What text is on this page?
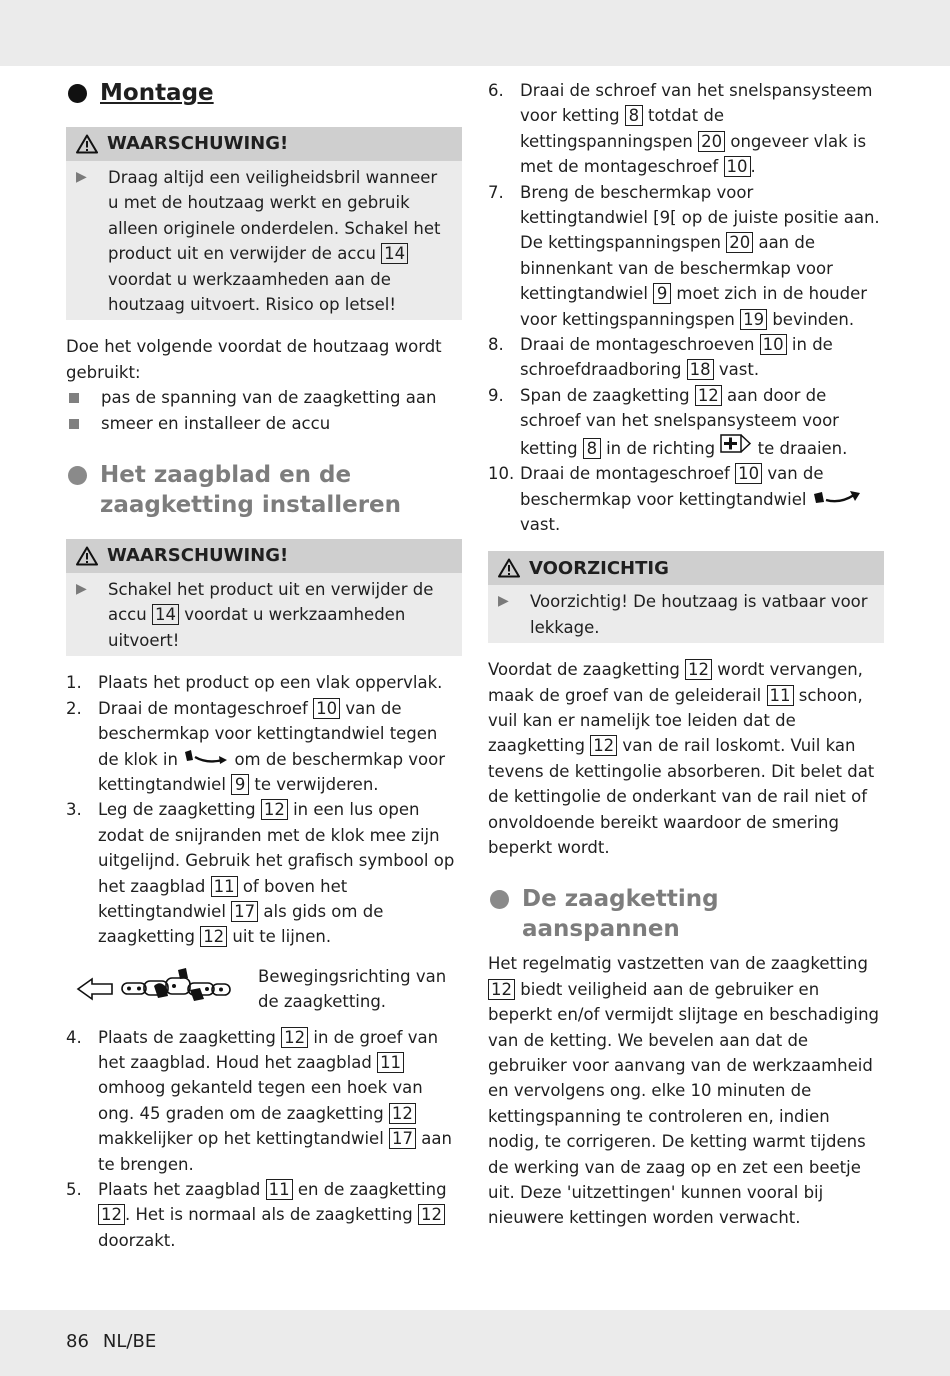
Montage
WAARSCHUWING!
▶	Draag altijd een veiligheidsbril wanneer u met de houtzaag werkt en gebruik alleen originele onderdelen. Schakel het product uit en verwijder de accu 14 voordat u werkzaamheden aan de houtzaag uitvoert. Risico op letsel!

Doe het volgende voordat de houtzaag wordt gebruikt:

pas de spanning van de zaagketting aan
smeer en installeer de accu
Het zaagblad en de zaagketting installeren
WAARSCHUWING!
▶	Schakel het product uit en verwijder de accu 14 voordat u werkzaamheden uitvoert!

1. Plaats het product op een vlak oppervlak.
2. Draai de montageschroef 10 van de beschermkap voor kettingtandwiel tegen de klok in	om de beschermkap voor kettingtandwiel 9 te verwijderen.
3. Leg de zaagketting 12 in een lus open zodat de snijranden met de klok mee zijn uitgelijnd. Gebruik het grafisch symbool op het zaagblad 11 of boven het kettingtandwiel 17 als gids om de zaagketting 12 uit te lijnen.

Bewegingsrichting van de zaagketting.

4. Plaats de zaagketting 12 in de groef van het zaagblad. Houd het zaagblad 11 omhoog gekanteld tegen een hoek van ong. 45 graden om de zaagketting 12 makkelijker op het kettingtandwiel 17 aan te brengen.
5. Plaats het zaagblad 11 en de zaagketting 12 . Het is normaal als de zaagketting 12 doorzakt.
6. Draai de schroef van het snelspansysteem voor ketting 8 totdat de kettingspanningspen 20 ongeveer vlak is met de montageschroef 10 .
7. Breng de beschermkap voor kettingtandwiel [9[ op de juiste positie aan. De kettingspanningspen 20 aan de binnenkant van de beschermkap voor kettingtandwiel 9 moet zich in de houder voor kettingspanningspen 19 bevinden.
8. Draai de montageschroeven 10 in de schroefdraadboring 18 vast.
9. Span de zaagketting 12 aan door de schroef van het snelspansysteem voor ketting 8 in de richting  te draaien.
10. Draai de montageschroef 10 van de beschermkap voor kettingtandwiel  vast.
VOORZICHTIG
▶	Voorzichtig! De houtzaag is vatbaar voor lekkage.

Voordat de zaagketting 12 wordt vervangen, maak de groef van de geleiderail 11 schoon, vuil kan er namelijk toe leiden dat de zaagketting 12 van de rail loskomt. Vuil kan tevens de kettingolie absorberen. Dit belet dat de kettingolie de onderkant van de rail niet of onvoldoende bereikt waardoor de smering beperkt wordt.

De zaagketting aanspannen

Het regelmatig vastzetten van de zaagketting 12 biedt veiligheid aan de gebruiker en beperkt en/of vermijdt slijtage en beschadiging van de ketting. We bevelen aan dat de gebruiker voor aanvang van de werkzaamheid en vervolgens ong. elke 10 minuten de kettingspanning te controleren en, indien nodig, te corrigeren. De ketting warmt tijdens de werking van de zaag op en zet een beetje uit. Deze 'uitzettingen' kunnen vooral bij nieuwere kettingen worden verwacht.

86 NL/BE
